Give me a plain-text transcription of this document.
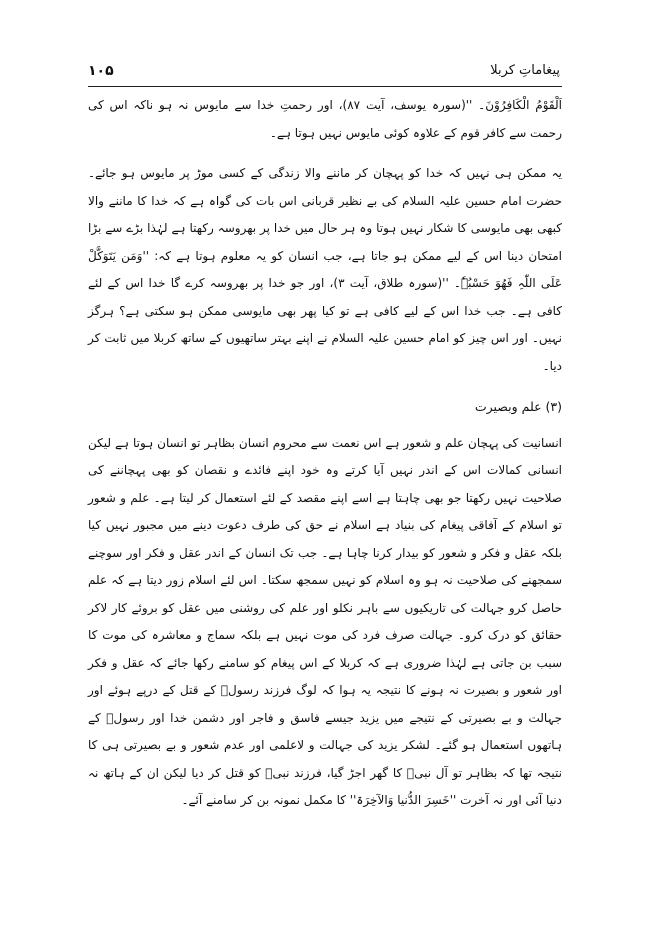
پیغاماتِ کربلا
۱۰۵

اَلْقَوْمُ الْکَافِرُوْنَ۔ ''(سورہ یوسف، آیت ۸۷)، اور رحمتِ خدا سے مایوس نہ ہو ناکہ اس کی رحمت سے کافر قوم کے علاوہ کوئی مایوس نہیں ہوتا ہے۔

یہ ممکن ہی نہیں کہ خدا کو پہچان کر ماننے والا زندگی کے کسی موڑ پر مایوس ہو جائے۔ حضرت امام حسین علیہ السلام کی بے نظیر قربانی اس بات کی گواہ ہے کہ خدا کا ماننے والا کبھی بھی مایوسی کا شکار نہیں ہوتا وہ ہر حال میں خدا پر بھروسہ رکھتا ہے لہٰذا بڑے سے بڑا امتحان دینا اس کے لیے ممکن ہو جاتا ہے، جب انسان کو یہ معلوم ہوتا ہے کہ: ''وَمَن یَتَوَکَّلْ عَلَی اللّٰہِ فَھُوَ حَسْبُہٗ۔ ''(سورہ طلاق، آیت ۳)، اور جو خدا پر بھروسہ کرے گا خدا اس کے لئے کافی ہے۔ جب خدا اس کے لیے کافی ہے تو کیا پھر بھی مایوسی ممکن ہو سکتی ہے؟ ہرگز نہیں۔ اور اس چیز کو امام حسین علیہ السلام نے اپنے بہتر ساتھیوں کے ساتھ کربلا میں ثابت کر دیا۔

(۳) علم وبصیرت

انسانیت کی پہچان علم و شعور ہے اس نعمت سے محروم انسان بظاہر تو انسان ہوتا ہے لیکن انسانی کمالات اس کے اندر نہیں آیا کرتے وہ خود اپنے فائدے و نقصان کو بھی پہچاننے کی صلاحیت نہیں رکھتا جو بھی چاہتا ہے اسے اپنے مقصد کے لئے استعمال کر لیتا ہے۔ علم و شعور تو اسلام کے آفاقی پیغام کی بنیاد ہے اسلام نے حق کی طرف دعوت دینے میں مجبور نہیں کیا بلکہ عقل و فکر و شعور کو بیدار کرنا چاہا ہے۔ جب تک انسان کے اندر عقل و فکر اور سوچنے سمجھنے کی صلاحیت نہ ہو وہ اسلام کو نہیں سمجھ سکتا۔ اس لئے اسلام زور دیتا ہے کہ علم حاصل کرو جہالت کی تاریکیوں سے باہر نکلو اور علم کی روشنی میں عقل کو بروئے کار لاکر حقائق کو درک کرو۔ جہالت صرف فرد کی موت نہیں ہے بلکہ سماج و معاشرہ کی موت کا سبب بن جاتی ہے لہٰذا ضروری ہے کہ کربلا کے اس پیغام کو سامنے رکھا جائے کہ عقل و فکر اور شعور و بصیرت نہ ہونے کا نتیجہ یہ ہوا کہ لوگ فرزند رسولؐ کے قتل کے درپے ہوئے اور جہالت و بے بصیرتی کے نتیجے میں یزید جیسے فاسق و فاجر اور دشمن خدا اور رسولؐ کے ہاتھوں استعمال ہو گئے۔ لشکر یزید کی جہالت و لاعلمی اور عدم شعور و بے بصیرتی ہی کا نتیجہ تھا کہ بظاہر تو آل نبیؐ کا گھر اجڑ گیا، فرزند نبیؐ کو قتل کر دیا لیکن ان کے ہاتھ نہ دنیا آئی اور نہ آخرت ''خَسِرَ الدُّنیا وَالآخِرَۃ'' کا مکمل نمونہ بن کر سامنے آئے۔
